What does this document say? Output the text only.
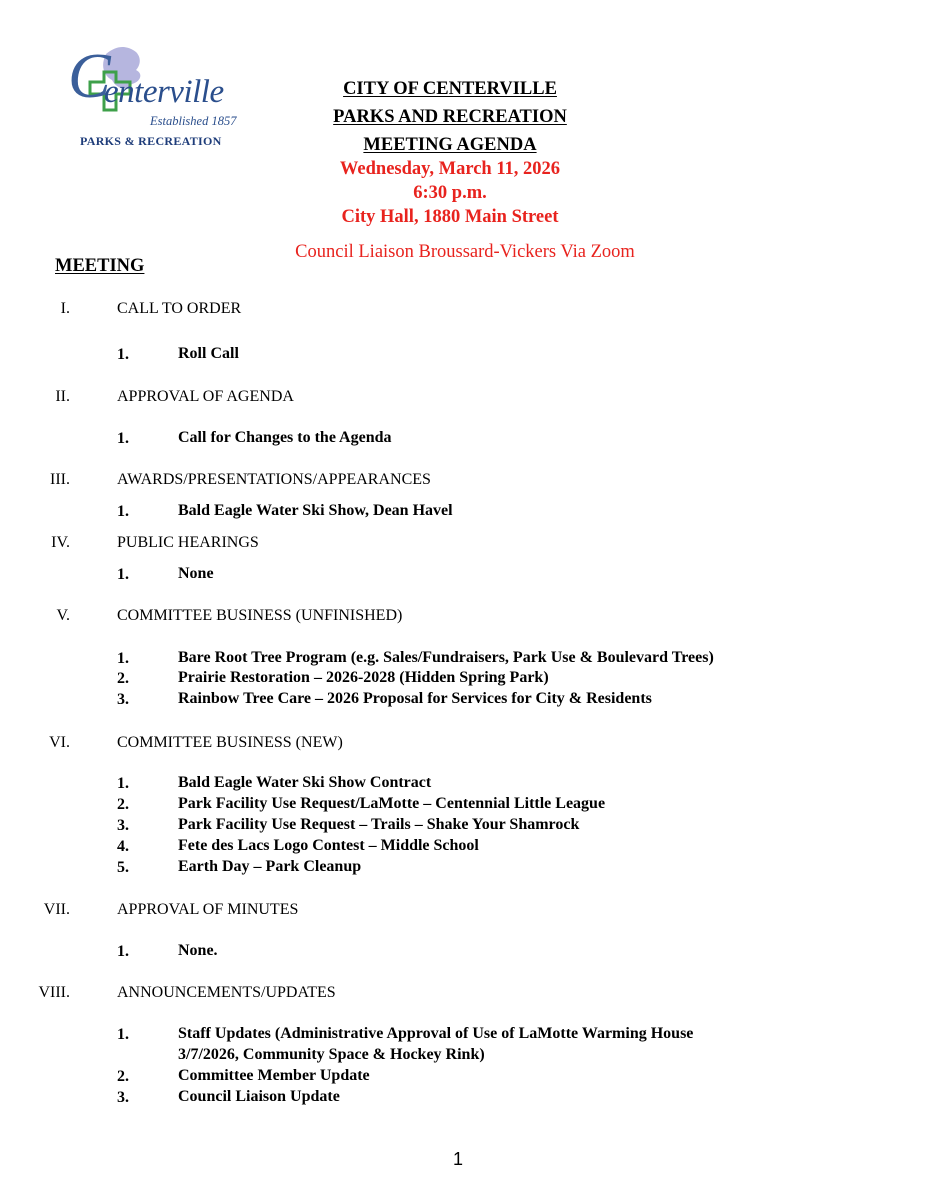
C
enterville
Established 1857
PARKS & RECREATION
CITY OF CENTERVILLE
PARKS AND RECREATION
MEETING AGENDA
Wednesday, March 11, 2026
6:30 p.m.
City Hall, 1880 Main Street
Council Liaison Broussard-Vickers Via Zoom
MEETING
I.	CALL TO ORDER
1.	Roll Call
II.	APPROVAL OF AGENDA
1.	Call for Changes to the Agenda
III.	AWARDS/PRESENTATIONS/APPEARANCES
1.	Bald Eagle Water Ski Show, Dean Havel
IV.	PUBLIC HEARINGS
1.	None
V.	COMMITTEE BUSINESS (UNFINISHED)
1.	Bare Root Tree Program (e.g. Sales/Fundraisers, Park Use & Boulevard Trees)
2.	Prairie Restoration – 2026-2028 (Hidden Spring Park)
3.	Rainbow Tree Care – 2026 Proposal for Services for City & Residents
VI.	COMMITTEE BUSINESS (NEW)
1.	Bald Eagle Water Ski Show Contract
2.	Park Facility Use Request/LaMotte – Centennial Little League
3.	Park Facility Use Request – Trails – Shake Your Shamrock
4.	Fete des Lacs Logo Contest – Middle School
5.	Earth Day – Park Cleanup
VII.	APPROVAL OF MINUTES
1.	None.
VIII.	ANNOUNCEMENTS/UPDATES
1.	Staff Updates (Administrative Approval of Use of LaMotte Warming House
3/7/2026, Community Space & Hockey Rink)
2.	Committee Member Update
3.	Council Liaison Update
1
